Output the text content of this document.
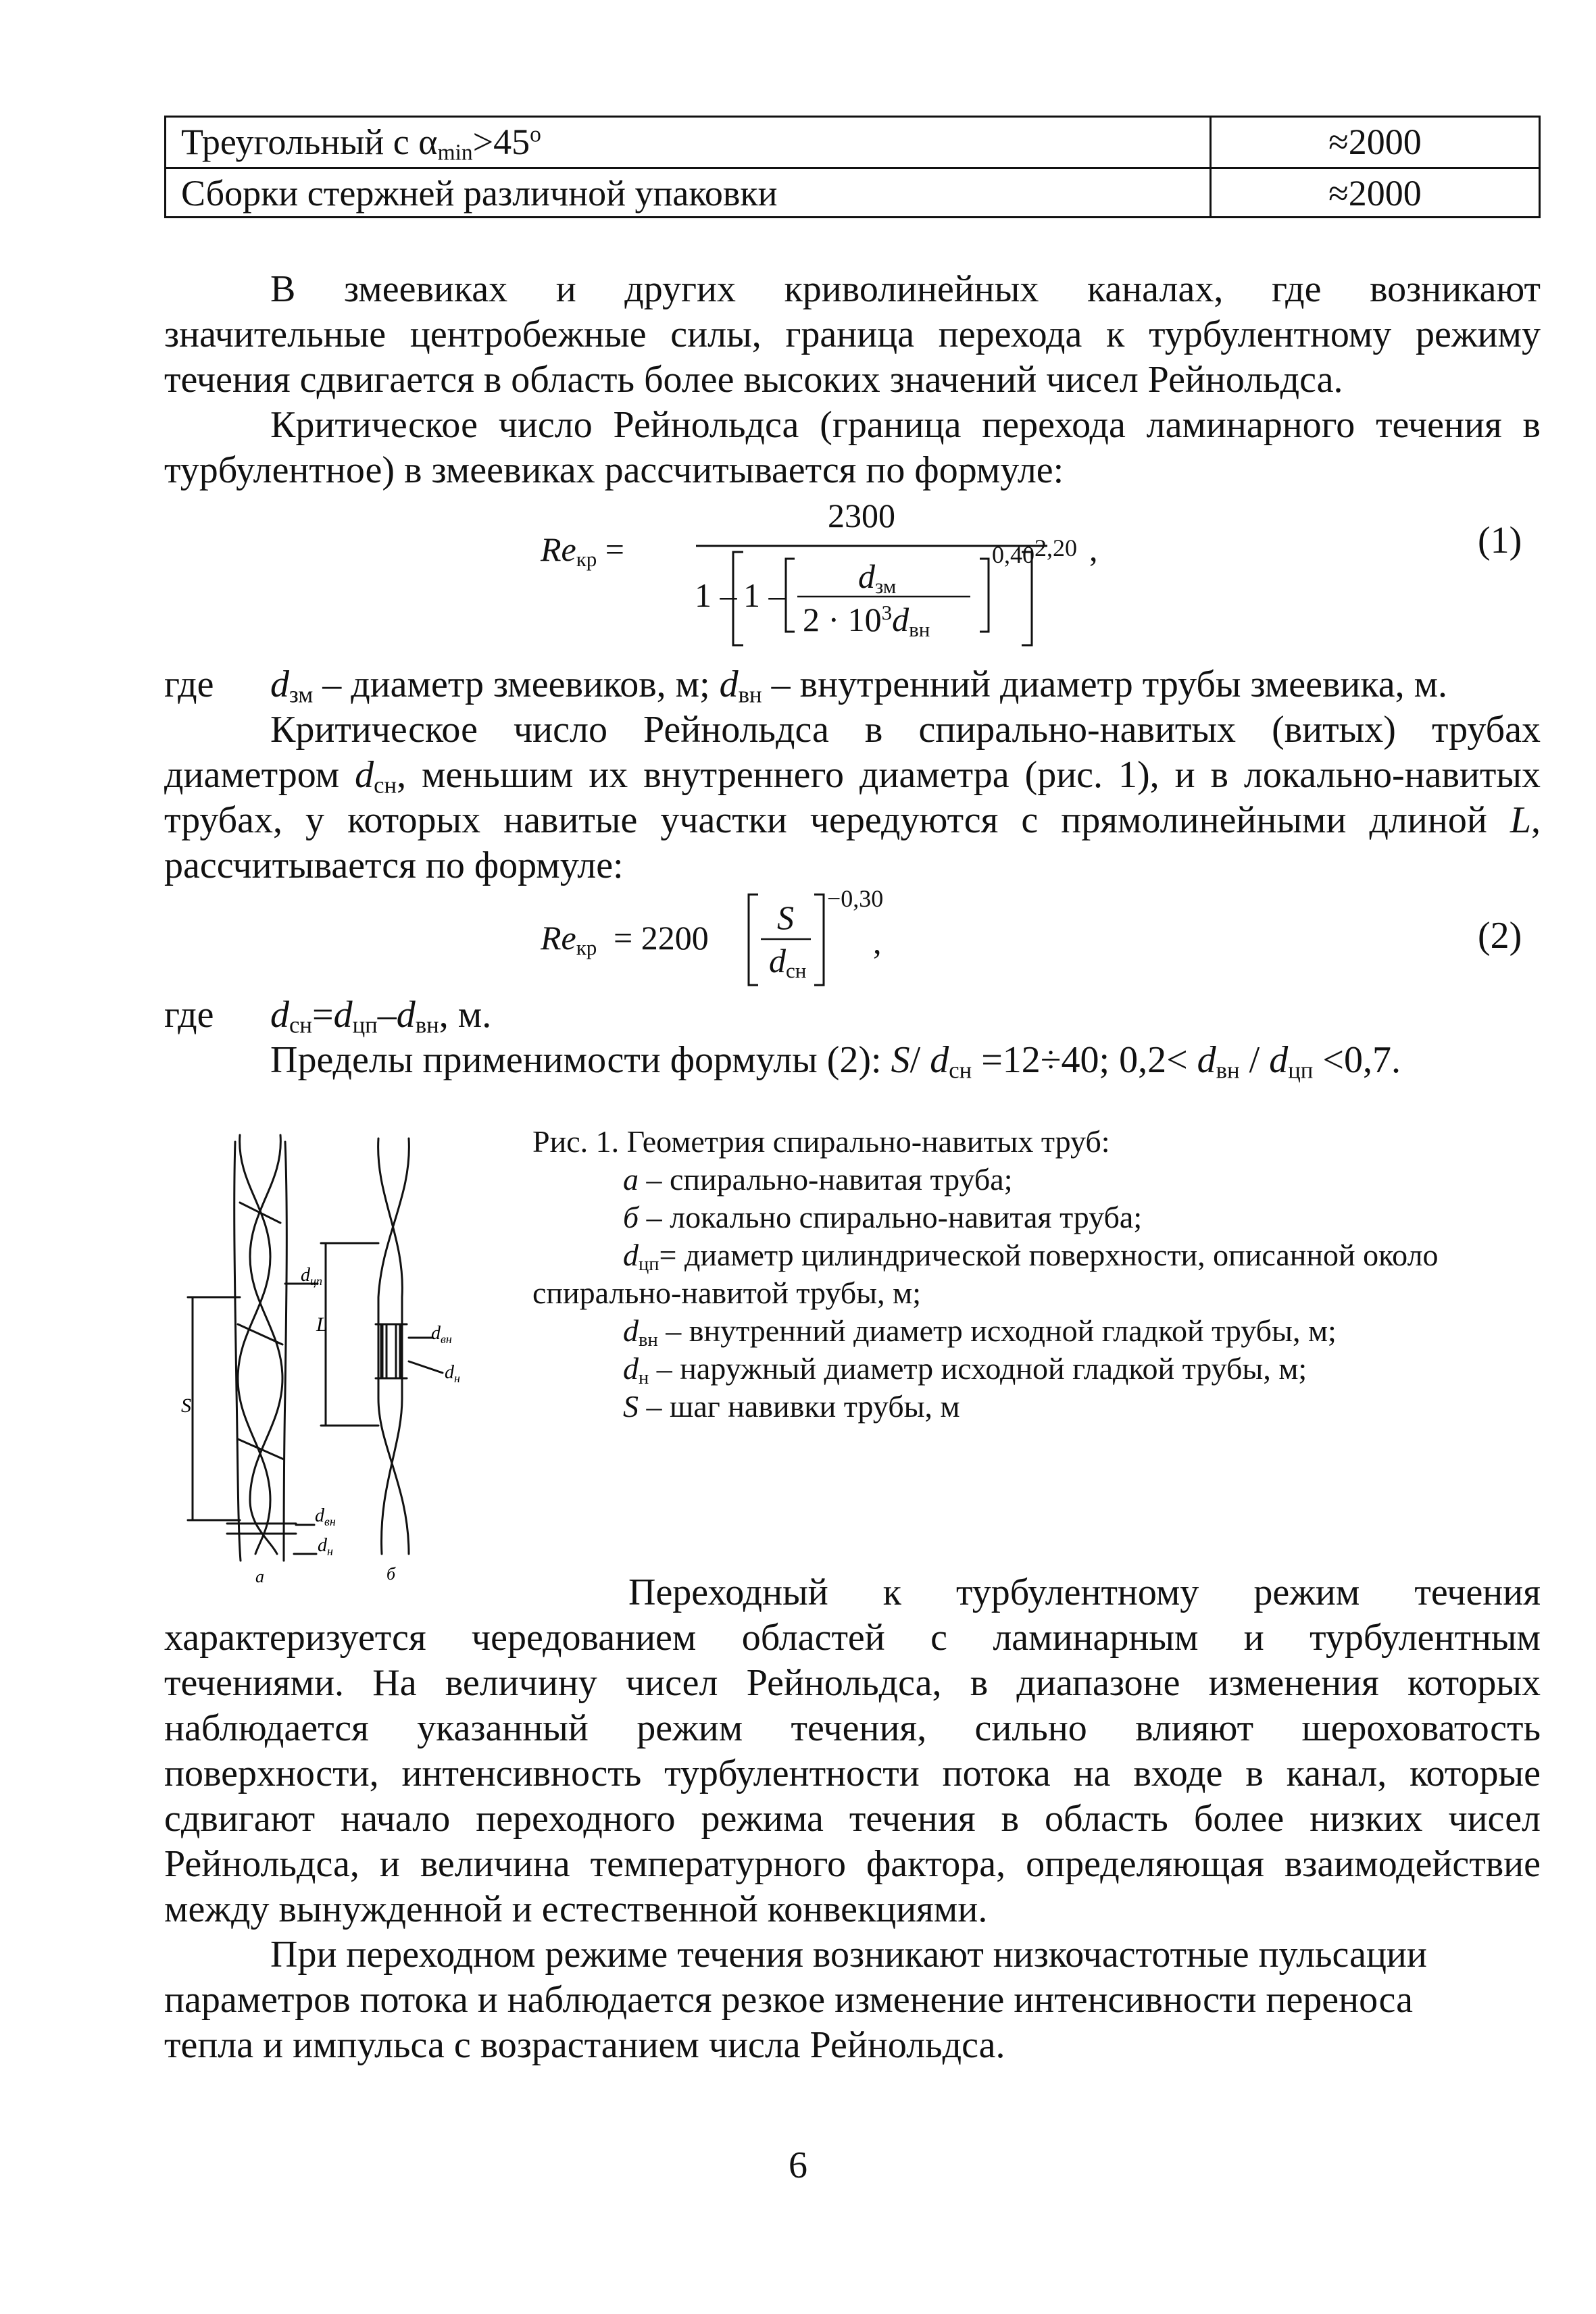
Треугольный с $\alpha_{min}>45^o$	≈2000
Сборки стержней различной упаковки	≈2000
В змеевиках и других криволинейных каналах, где возникают
значительные центробежные силы, граница перехода к турбулентному режиму
течения сдвигается в область более высоких значений чисел Рейнольдса.
Критическое число Рейнольдса (граница перехода ламинарного течения в
турбулентное) в змеевиках рассчитывается по формуле:
$Re_{кр}$ =
2300
$1 - 1 - d_{зм}$
$2 \cdot 10^3d_{вн}$
0,40 2,20 ,	(1)
где $d_{зм}$ – диаметр змеевиков, м; $d_{вн}$ – внутренний диаметр трубы змеевика, м.
Критическое число Рейнольдса в спирально-навитых (витых) трубах
диаметром $d_{сн}$, меньшим их внутреннего диаметра (рис. 1), и в локально-навитых
трубах, у которых навитые участки чередуются с прямолинейными длиной L,
рассчитывается по формуле:
$Re_{кр} = 2200$
S
$d_{сн}$
−0,30
,	(2)
где $d_{сн}=d_{цп}-d_{вн}$, м.
Пределы применимости формулы (2): S/ $d_{сн} =12\div 40$; $0,2< d_{вн} / d_{цп} <0,7$.
$d_{цп}$
$d_{вн}$
$d_н$
$d_{вн}$
$d_н$
S
L
а	б
Рис. 1. Геометрия спирально-навитых труб:
а – спирально-навитая труба;
б – локально спирально-навитая труба;
$d_{цп}=$ диаметр цилиндрической поверхности, описанной около
спирально-навитой трубы, м;
$d_{вн}$ – внутренний диаметр исходной гладкой трубы, м;
$d_н$ – наружный диаметр исходной гладкой трубы, м;
S – шаг навивки трубы, м
Переходный к турбулентному режим течения
характеризуется чередованием областей с ламинарным и турбулентным
течениями. На величину чисел Рейнольдса, в диапазоне изменения которых
наблюдается указанный режим течения, сильно влияют шероховатость
поверхности, интенсивность турбулентности потока на входе в канал, которые
сдвигают начало переходного режима течения в область более низких чисел
Рейнольдса, и величина температурного фактора, определяющая взаимодействие
между вынужденной и естественной конвекциями.
При переходном режиме течения возникают низкочастотные пульсации
параметров потока и наблюдается резкое изменение интенсивности переноса
тепла и импульса с возрастанием числа Рейнольдса.
6
